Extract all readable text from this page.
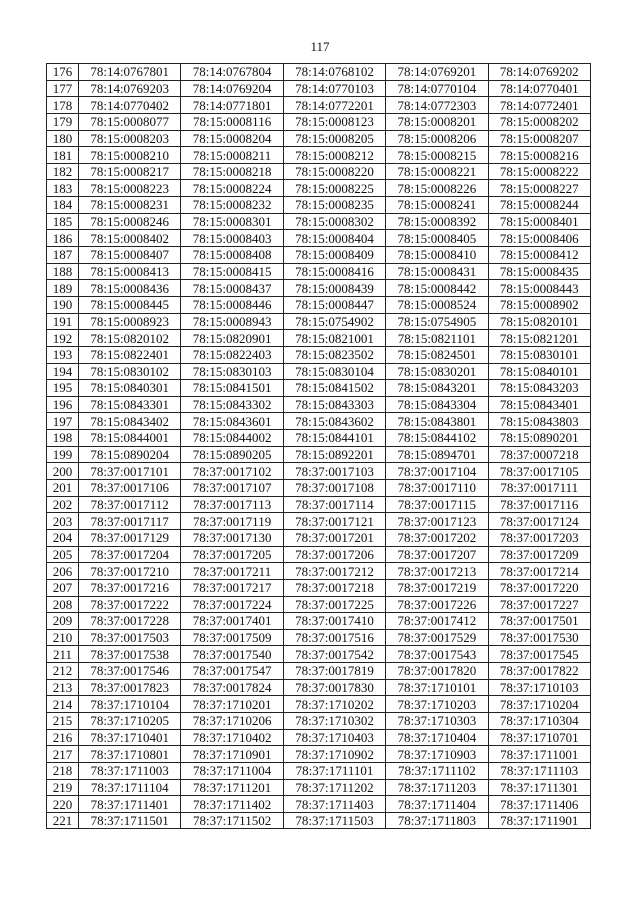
117
176	78:14:0767801	78:14:0767804	78:14:0768102	78:14:0769201	78:14:0769202
177	78:14:0769203	78:14:0769204	78:14:0770103	78:14:0770104	78:14:0770401
178	78:14:0770402	78:14:0771801	78:14:0772201	78:14:0772303	78:14:0772401
179	78:15:0008077	78:15:0008116	78:15:0008123	78:15:0008201	78:15:0008202
180	78:15:0008203	78:15:0008204	78:15:0008205	78:15:0008206	78:15:0008207
181	78:15:0008210	78:15:0008211	78:15:0008212	78:15:0008215	78:15:0008216
182	78:15:0008217	78:15:0008218	78:15:0008220	78:15:0008221	78:15:0008222
183	78:15:0008223	78:15:0008224	78:15:0008225	78:15:0008226	78:15:0008227
184	78:15:0008231	78:15:0008232	78:15:0008235	78:15:0008241	78:15:0008244
185	78:15:0008246	78:15:0008301	78:15:0008302	78:15:0008392	78:15:0008401
186	78:15:0008402	78:15:0008403	78:15:0008404	78:15:0008405	78:15:0008406
187	78:15:0008407	78:15:0008408	78:15:0008409	78:15:0008410	78:15:0008412
188	78:15:0008413	78:15:0008415	78:15:0008416	78:15:0008431	78:15:0008435
189	78:15:0008436	78:15:0008437	78:15:0008439	78:15:0008442	78:15:0008443
190	78:15:0008445	78:15:0008446	78:15:0008447	78:15:0008524	78:15:0008902
191	78:15:0008923	78:15:0008943	78:15:0754902	78:15:0754905	78:15:0820101
192	78:15:0820102	78:15:0820901	78:15:0821001	78:15:0821101	78:15:0821201
193	78:15:0822401	78:15:0822403	78:15:0823502	78:15:0824501	78:15:0830101
194	78:15:0830102	78:15:0830103	78:15:0830104	78:15:0830201	78:15:0840101
195	78:15:0840301	78:15:0841501	78:15:0841502	78:15:0843201	78:15:0843203
196	78:15:0843301	78:15:0843302	78:15:0843303	78:15:0843304	78:15:0843401
197	78:15:0843402	78:15:0843601	78:15:0843602	78:15:0843801	78:15:0843803
198	78:15:0844001	78:15:0844002	78:15:0844101	78:15:0844102	78:15:0890201
199	78:15:0890204	78:15:0890205	78:15:0892201	78:15:0894701	78:37:0007218
200	78:37:0017101	78:37:0017102	78:37:0017103	78:37:0017104	78:37:0017105
201	78:37:0017106	78:37:0017107	78:37:0017108	78:37:0017110	78:37:0017111
202	78:37:0017112	78:37:0017113	78:37:0017114	78:37:0017115	78:37:0017116
203	78:37:0017117	78:37:0017119	78:37:0017121	78:37:0017123	78:37:0017124
204	78:37:0017129	78:37:0017130	78:37:0017201	78:37:0017202	78:37:0017203
205	78:37:0017204	78:37:0017205	78:37:0017206	78:37:0017207	78:37:0017209
206	78:37:0017210	78:37:0017211	78:37:0017212	78:37:0017213	78:37:0017214
207	78:37:0017216	78:37:0017217	78:37:0017218	78:37:0017219	78:37:0017220
208	78:37:0017222	78:37:0017224	78:37:0017225	78:37:0017226	78:37:0017227
209	78:37:0017228	78:37:0017401	78:37:0017410	78:37:0017412	78:37:0017501
210	78:37:0017503	78:37:0017509	78:37:0017516	78:37:0017529	78:37:0017530
211	78:37:0017538	78:37:0017540	78:37:0017542	78:37:0017543	78:37:0017545
212	78:37:0017546	78:37:0017547	78:37:0017819	78:37:0017820	78:37:0017822
213	78:37:0017823	78:37:0017824	78:37:0017830	78:37:1710101	78:37:1710103
214	78:37:1710104	78:37:1710201	78:37:1710202	78:37:1710203	78:37:1710204
215	78:37:1710205	78:37:1710206	78:37:1710302	78:37:1710303	78:37:1710304
216	78:37:1710401	78:37:1710402	78:37:1710403	78:37:1710404	78:37:1710701
217	78:37:1710801	78:37:1710901	78:37:1710902	78:37:1710903	78:37:1711001
218	78:37:1711003	78:37:1711004	78:37:1711101	78:37:1711102	78:37:1711103
219	78:37:1711104	78:37:1711201	78:37:1711202	78:37:1711203	78:37:1711301
220	78:37:1711401	78:37:1711402	78:37:1711403	78:37:1711404	78:37:1711406
221	78:37:1711501	78:37:1711502	78:37:1711503	78:37:1711803	78:37:1711901
